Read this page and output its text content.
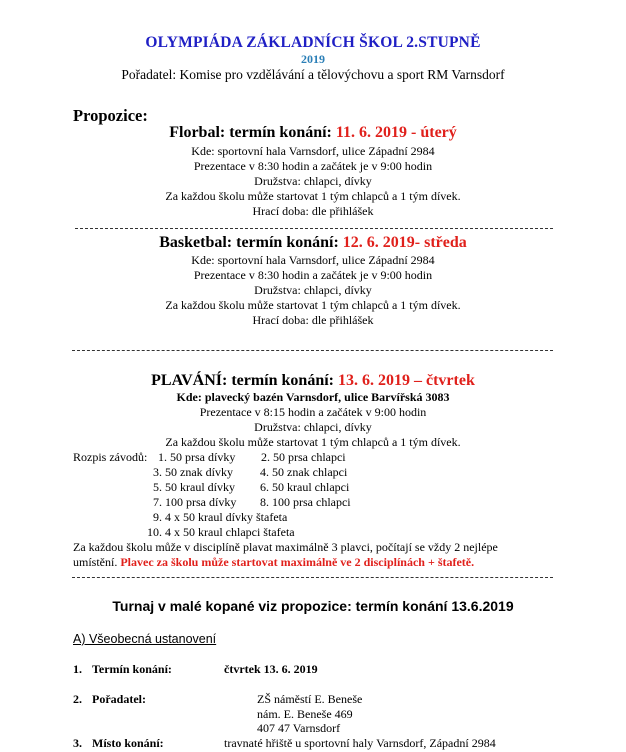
OLYMPIÁDA ZÁKLADNÍCH ŠKOL 2.STUPNĚ
2019
Pořadatel: Komise pro vzdělávání a tělovýchovu a sport RM Varnsdorf
Propozice:
Florbal: termín konání: 11. 6. 2019 - úterý
Kde: sportovní hala Varnsdorf, ulice Západní 2984
Prezentace v 8:30 hodin a začátek je v 9:00 hodin
Družstva: chlapci, dívky
Za každou školu může startovat 1 tým chlapců a 1 tým dívek.
Hrací doba: dle přihlášek
Basketbal: termín konání: 12. 6. 2019- středa
Kde: sportovní hala Varnsdorf, ulice Západní 2984
Prezentace v 8:30 hodin a začátek je v 9:00 hodin
Družstva: chlapci, dívky
Za každou školu může startovat 1 tým chlapců a 1 tým dívek.
Hrací doba: dle přihlášek
PLAVÁNÍ: termín konání: 13. 6. 2019 – čtvrtek
Kde: plavecký bazén Varnsdorf, ulice Barvířská 3083
Prezentace v 8:15 hodin a začátek v 9:00 hodin
Družstva: chlapci, dívky
Za každou školu může startovat 1 tým chlapců a 1 tým dívek.
Rozpis závodů: 1. 50 prsa dívky 2. 50 prsa chlapci
3. 50 znak dívky 4. 50 znak chlapci
5. 50 kraul dívky 6. 50 kraul chlapci
7. 100 prsa dívky 8. 100 prsa chlapci
9. 4 x 50 kraul dívky štafeta
10. 4 x 50 kraul chlapci štafeta
Za každou školu může v disciplíně plavat maximálně 3 plavci, počítají se vždy 2 nejlépe
umístění. Plavec za školu může startovat maximálně ve 2 disciplínách + štafetě.
Turnaj v malé kopané viz propozice: termín konání 13.6.2019
A) Všeobecná ustanovení
1. Termín konání:	čtvrtek 13. 6. 2019
2. Pořadatel:	ZŠ náměstí E. Beneše
nám. E. Beneše 469
407 47 Varnsdorf
3. Místo konání:	travnaté hřiště u sportovní haly Varnsdorf, Západní 2984
